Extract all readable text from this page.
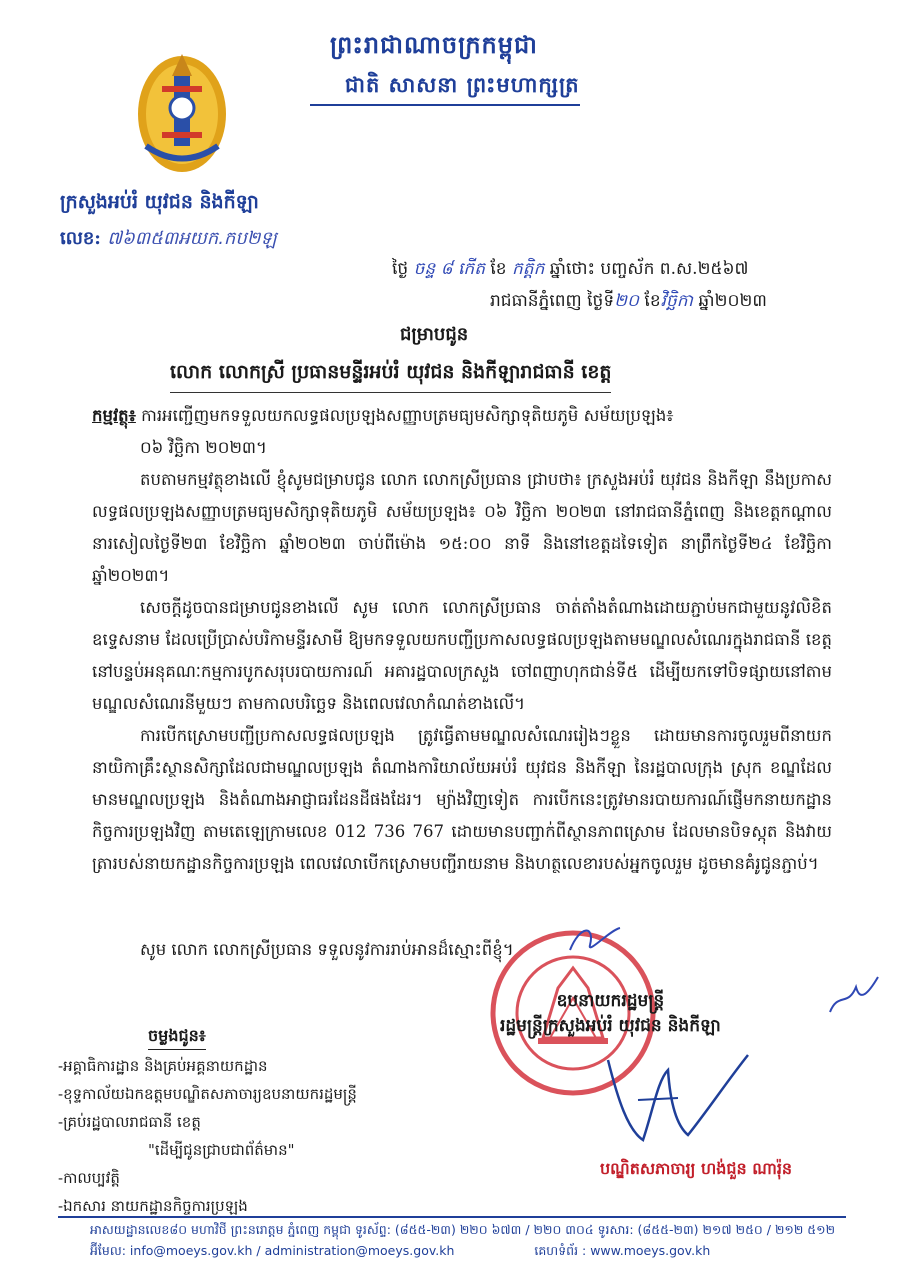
ព្រះរាជាណាចក្រកម្ពុជា
ជាតិ សាសនា ព្រះមហាក្សត្រ
ក្រសួងអប់រំ យុវជន និងកីឡា
លេខ: ៧៦៣៥៣អយក.កប២ឡ
ថ្ងៃ ចន្ទ ៨ កើត ខែ កត្ដិក ឆ្នាំថោះ បញ្ចស័ក ព.ស.២៥៦៧
រាជធានីភ្នំពេញ ថ្ងៃទី២០ ខែវិច្ឆិកា ឆ្នាំ២០២៣
ជម្រាបជូន
លោក លោកស្រី ប្រធានមន្ទីរអប់រំ យុវជន និងកីឡារាជធានី ខេត្ត

កម្មវត្ថុ៖ ការអញ្ជើញមកទទួលយកលទ្ធផលប្រឡងសញ្ញាបត្រមធ្យមសិក្សាទុតិយភូមិ សម័យប្រឡង៖

០៦ វិច្ឆិកា ២០២៣។

តបតាមកម្មវត្ថុខាងលើ ខ្ញុំសូមជម្រាបជូន លោក លោកស្រីប្រធាន ជ្រាបថា៖ ក្រសួងអប់រំ យុវជន និងកីឡា នឹងប្រកាសលទ្ធផលប្រឡងសញ្ញាបត្រមធ្យមសិក្សាទុតិយភូមិ សម័យប្រឡង៖ ០៦ វិច្ឆិកា ២០២៣ នៅរាជធានីភ្នំពេញ និងខេត្តកណ្ដាល នារសៀលថ្ងៃទី២៣ ខែវិច្ឆិកា ឆ្នាំ២០២៣ ចាប់ពីម៉ោង ១៥:០០ នាទី និងនៅខេត្តដទៃទៀត នាព្រឹកថ្ងៃទី២៤ ខែវិច្ឆិកា ឆ្នាំ២០២៣។

សេចក្ដីដូចបានជម្រាបជូនខាងលើ សូម លោក លោកស្រីប្រធាន ចាត់តាំងតំណាងដោយភ្ជាប់មកជាមួយនូវលិខិតឧទ្ទេសនាម ដែលប្រើប្រាស់បរិកាមន្ទីរសាមី ឱ្យមកទទួលយកបញ្ជីប្រកាសលទ្ធផលប្រឡងតាមមណ្ឌលសំណេរក្នុងរាជធានី ខេត្ត នៅបន្ទប់អនុគណៈកម្មការបូកសរុបរបាយការណ៍ អគារដ្ឋបាលក្រសួង ចៅពញាហុកជាន់ទី៥ ដើម្បីយកទៅបិទផ្សាយនៅតាមមណ្ឌលសំណេរនីមួយៗ តាមកាលបរិច្ឆេទ និងពេលវេលាកំណត់ខាងលើ។

ការបើកស្រោមបញ្ជីប្រកាសលទ្ធផលប្រឡង ត្រូវធ្វើតាមមណ្ឌលសំណេររៀងៗខ្លួន ដោយមានការចូលរួមពីនាយក នាយិកាគ្រឹះស្ថានសិក្សាដែលជាមណ្ឌលប្រឡង តំណាងការិយាល័យអប់រំ យុវជន និងកីឡា នៃរដ្ឋបាលក្រុង ស្រុក ខណ្ឌដែលមានមណ្ឌលប្រឡង និងតំណាងអាជ្ញាធរដែនដីផងដែរ។ ម្យ៉ាងវិញទៀត ការបើកនេះត្រូវមានរបាយការណ៍ផ្ញើមកនាយកដ្ឋានកិច្ចការប្រឡងវិញ តាមតេឡេក្រាមលេខ 012 736 767 ដោយមានបញ្ជាក់ពីស្ថានភាពស្រោម ដែលមានបិទស្កុត និងវាយត្រារបស់នាយកដ្ឋានកិច្ចការប្រឡង ពេលវេលាបើកស្រោមបញ្ជីរាយនាម និងហត្ថលេខារបស់អ្នកចូលរួម ដូចមានគំរូជូនភ្ជាប់។

សូម លោក លោកស្រីប្រធាន ទទួលនូវការរាប់អានដ៏ស្មោះពីខ្ញុំ។
ឧបនាយករដ្ឋមន្ត្រី
រដ្ឋមន្ត្រីក្រសួងអប់រំ យុវជន និងកីឡា
បណ្ឌិតសភាចារ្យ ហង់ជួន ណារ៉ុន
ចម្លងជូន៖
-អគ្គាធិការដ្ឋាន និងគ្រប់អគ្គនាយកដ្ឋាន
-ខុទ្ទកាល័យឯកឧត្ដមបណ្ឌិតសភាចារ្យឧបនាយករដ្ឋមន្ត្រី
-គ្រប់រដ្ឋបាលរាជធានី ខេត្ត
"ដើម្បីជូនជ្រាបជាព័ត៌មាន"
-កាលប្បវត្តិ
-ឯកសារ នាយកដ្ឋានកិច្ចការប្រឡង
អាសយដ្ឋានលេខ៨០ មហាវិថី ព្រះនរោត្តម ភ្នំពេញ កម្ពុជា ទូរស័ព្ទ: (៨៥៥-២៣) ២២០ ៦៧៣ / ២២០ ៣០៤ ទូរសារ: (៨៥៥-២៣) ២១៧ ២៥០ / ២១២ ៥១២
អ៊ីមែល: info@moeys.gov.kh / administration@moeys.gov.kh	គេហទំព័រ : www.moeys.gov.kh
